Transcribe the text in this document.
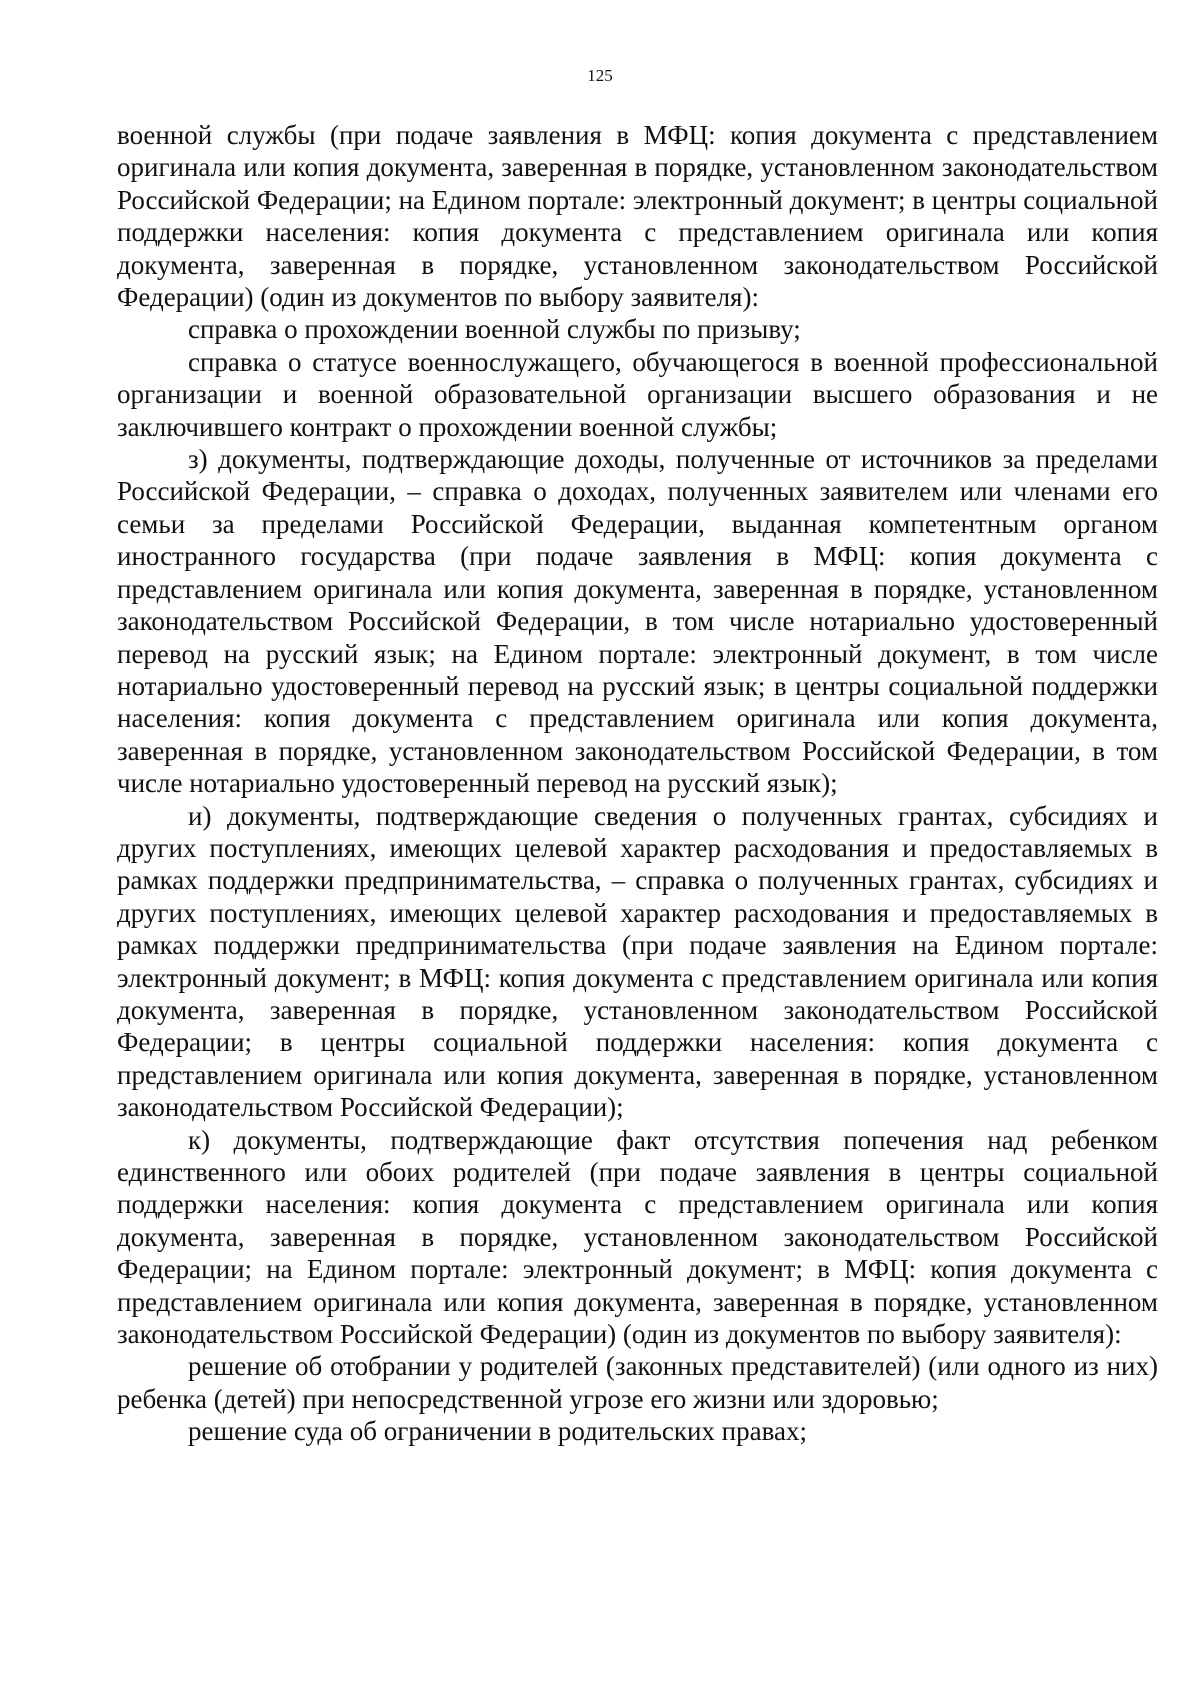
125

военной службы (при подаче заявления в МФЦ: копия документа с представлением оригинала или копия документа, заверенная в порядке, установленном законодательством Российской Федерации; на Едином портале: электронный документ; в центры социальной поддержки населения: копия документа с представлением оригинала или копия документа, заверенная в порядке, установленном законодательством Российской Федерации) (один из документов по выбору заявителя):

справка о прохождении военной службы по призыву;

справка о статусе военнослужащего, обучающегося в военной профессиональной организации и военной образовательной организации высшего образования и не заключившего контракт о прохождении военной службы;

з) документы, подтверждающие доходы, полученные от источников за пределами Российской Федерации, – справка о доходах, полученных заявителем или членами его семьи за пределами Российской Федерации, выданная компетентным органом иностранного государства (при подаче заявления в МФЦ: копия документа с представлением оригинала или копия документа, заверенная в порядке, установленном законодательством Российской Федерации, в том числе нотариально удостоверенный перевод на русский язык; на Едином портале: электронный документ, в том числе нотариально удостоверенный перевод на русский язык; в центры социальной поддержки населения: копия документа с представлением оригинала или копия документа, заверенная в порядке, установленном законодательством Российской Федерации, в том числе нотариально удостоверенный перевод на русский язык);

и) документы, подтверждающие сведения о полученных грантах, субсидиях и других поступлениях, имеющих целевой характер расходования и предоставляемых в рамках поддержки предпринимательства, – справка о полученных грантах, субсидиях и других поступлениях, имеющих целевой характер расходования и предоставляемых в рамках поддержки предпринимательства (при подаче заявления на Едином портале: электронный документ; в МФЦ: копия документа с представлением оригинала или копия документа, заверенная в порядке, установленном законодательством Российской Федерации; в центры социальной поддержки населения: копия документа с представлением оригинала или копия документа, заверенная в порядке, установленном законодательством Российской Федерации);

к) документы, подтверждающие факт отсутствия попечения над ребенком единственного или обоих родителей (при подаче заявления в центры социальной поддержки населения: копия документа с представлением оригинала или копия документа, заверенная в порядке, установленном законодательством Российской Федерации; на Едином портале: электронный документ; в МФЦ: копия документа с представлением оригинала или копия документа, заверенная в порядке, установленном законодательством Российской Федерации) (один из документов по выбору заявителя):

решение об отобрании у родителей (законных представителей) (или одного из них) ребенка (детей) при непосредственной угрозе его жизни или здоровью;

решение суда об ограничении в родительских правах;
